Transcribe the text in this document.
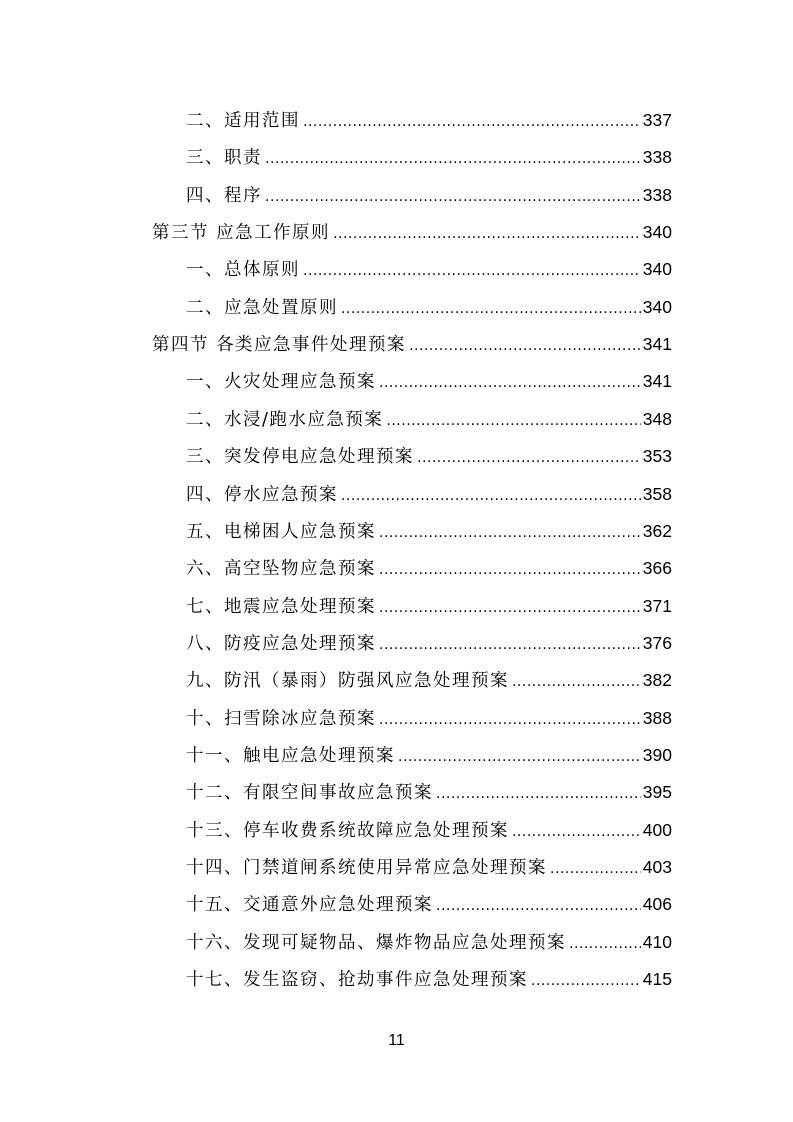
二、适用范围 .....	337
三、职责 .....	338
四、程序 .....	338
第三节 应急工作原则 .....	340
一、总体原则 .....	340
二、应急处置原则 .....	340
第四节 各类应急事件处理预案 .....	341
一、火灾处理应急预案 .....	341
二、水浸/跑水应急预案 .....	348
三、突发停电应急处理预案 .....	353
四、停水应急预案 .....	358
五、电梯困人应急预案 .....	362
六、高空坠物应急预案 .....	366
七、地震应急处理预案 .....	371
八、防疫应急处理预案 .....	376
九、防汛（暴雨）防强风应急处理预案 .....	382
十、扫雪除冰应急预案 .....	388
十一、触电应急处理预案 .....	390
十二、有限空间事故应急预案 .....	395
十三、停车收费系统故障应急处理预案 .....	400
十四、门禁道闸系统使用异常应急处理预案 .....	403
十五、交通意外应急处理预案 .....	406
十六、发现可疑物品、爆炸物品应急处理预案 .....	410
十七、发生盗窃、抢劫事件应急处理预案 .....	415
11
